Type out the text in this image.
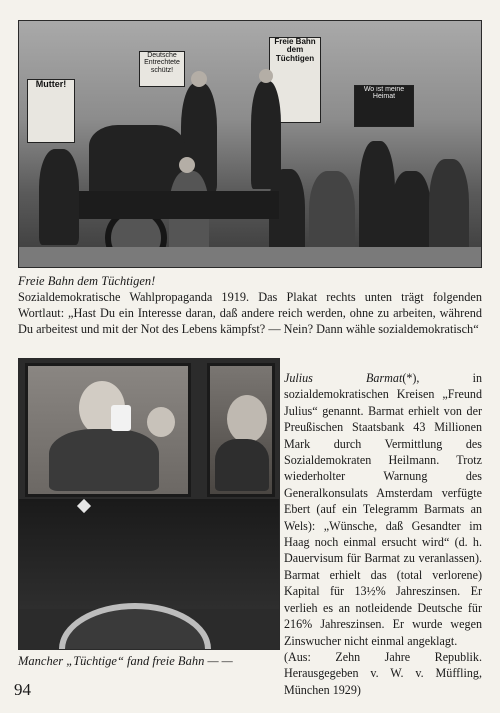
Mutter!
Deutsche Entrechtete schütz!
Freie Bahn dem Tüchtigen
Wo ist meine Heimat
Freie Bahn dem Tüchtigen!
Sozialdemokratische Wahlpropaganda 1919. Das Plakat rechts unten trägt folgenden Wortlaut: „Hast Du ein Interesse daran, daß andere reich werden, ohne zu arbeiten, während Du arbeitest und mit der Not des Lebens kämpfst? — Nein? Dann wähle sozialdemokratisch“
Julius Barmat(*), in sozialdemokratischen Kreisen „Freund Julius“ genannt. Barmat erhielt von der Preußischen Staatsbank 43 Millionen Mark durch Vermittlung des Sozialdemokraten Heilmann. Trotz wiederholter Warnung des Generalkonsulats Amsterdam verfügte Ebert (auf ein Telegramm Barmats an Wels): „Wünsche, daß Gesandter im Haag noch einmal ersucht wird“ (d. h. Dauervisum für Barmat zu veranlassen). Barmat erhielt das (total verlorene) Kapital für 13½% Jahreszinsen. Er verlieh es an notleidende Deutsche für 216% Jahreszinsen. Er wurde wegen Zinswucher nicht einmal angeklagt.
(Aus: Zehn Jahre Republik. Herausgegeben v. W. v. Müffling, München 1929)
Mancher „Tüchtige“ fand freie Bahn — —
94
